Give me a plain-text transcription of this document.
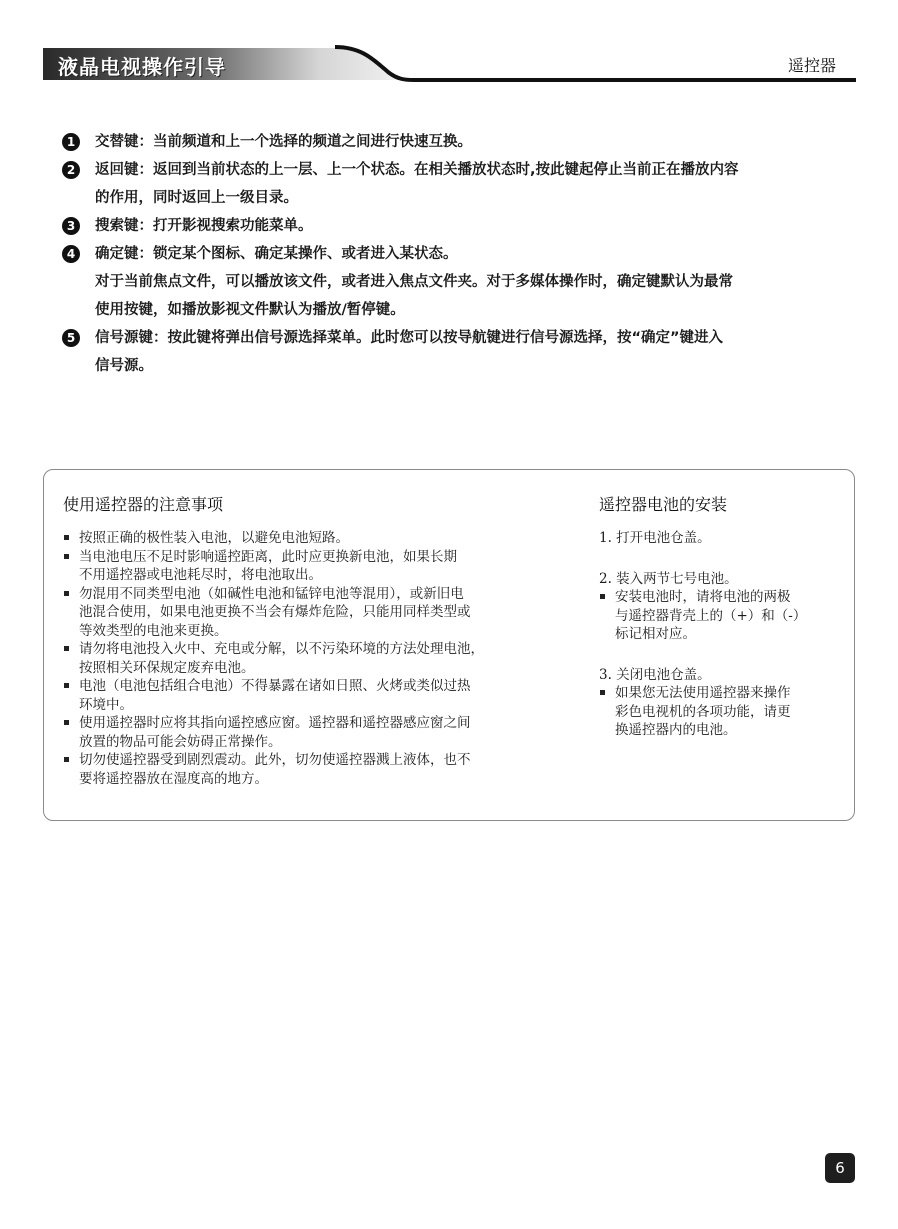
液晶电视操作引导	遥控器
1	交替键：当前频道和上一个选择的频道之间进行快速互换。
2	返回键：返回到当前状态的上一层、上一个状态。在相关播放状态时,按此键起停止当前正在播放内容
的作用，同时返回上一级目录。
3	搜索键：打开影视搜索功能菜单。
4	确定键：锁定某个图标、确定某操作、或者进入某状态。
对于当前焦点文件，可以播放该文件，或者进入焦点文件夹。对于多媒体操作时，确定键默认为最常
使用按键，如播放影视文件默认为播放/暂停键。
5	信号源键：按此键将弹出信号源选择菜单。此时您可以按导航键进行信号源选择，按“确定”键进入
信号源。
使用遥控器的注意事项
按照正确的极性装入电池，以避免电池短路。
当电池电压不足时影响遥控距离，此时应更换新电池，如果长期
不用遥控器或电池耗尽时，将电池取出。
勿混用不同类型电池（如碱性电池和锰锌电池等混用），或新旧电
池混合使用，如果电池更换不当会有爆炸危险，只能用同样类型或
等效类型的电池来更换。
请勿将电池投入火中、充电或分解，以不污染环境的方法处理电池，
按照相关环保规定废弃电池。
电池（电池包括组合电池）不得暴露在诸如日照、火烤或类似过热
环境中。
使用遥控器时应将其指向遥控感应窗。遥控器和遥控器感应窗之间
放置的物品可能会妨碍正常操作。
切勿使遥控器受到剧烈震动。此外，切勿使遥控器溅上液体，也不
要将遥控器放在湿度高的地方。
遥控器电池的安装
1. 打开电池仓盖。
2. 装入两节七号电池。
安装电池时，请将电池的两极
与遥控器背壳上的（+）和（-）
标记相对应。
3. 关闭电池仓盖。
如果您无法使用遥控器来操作
彩色电视机的各项功能，请更
换遥控器内的电池。
6
